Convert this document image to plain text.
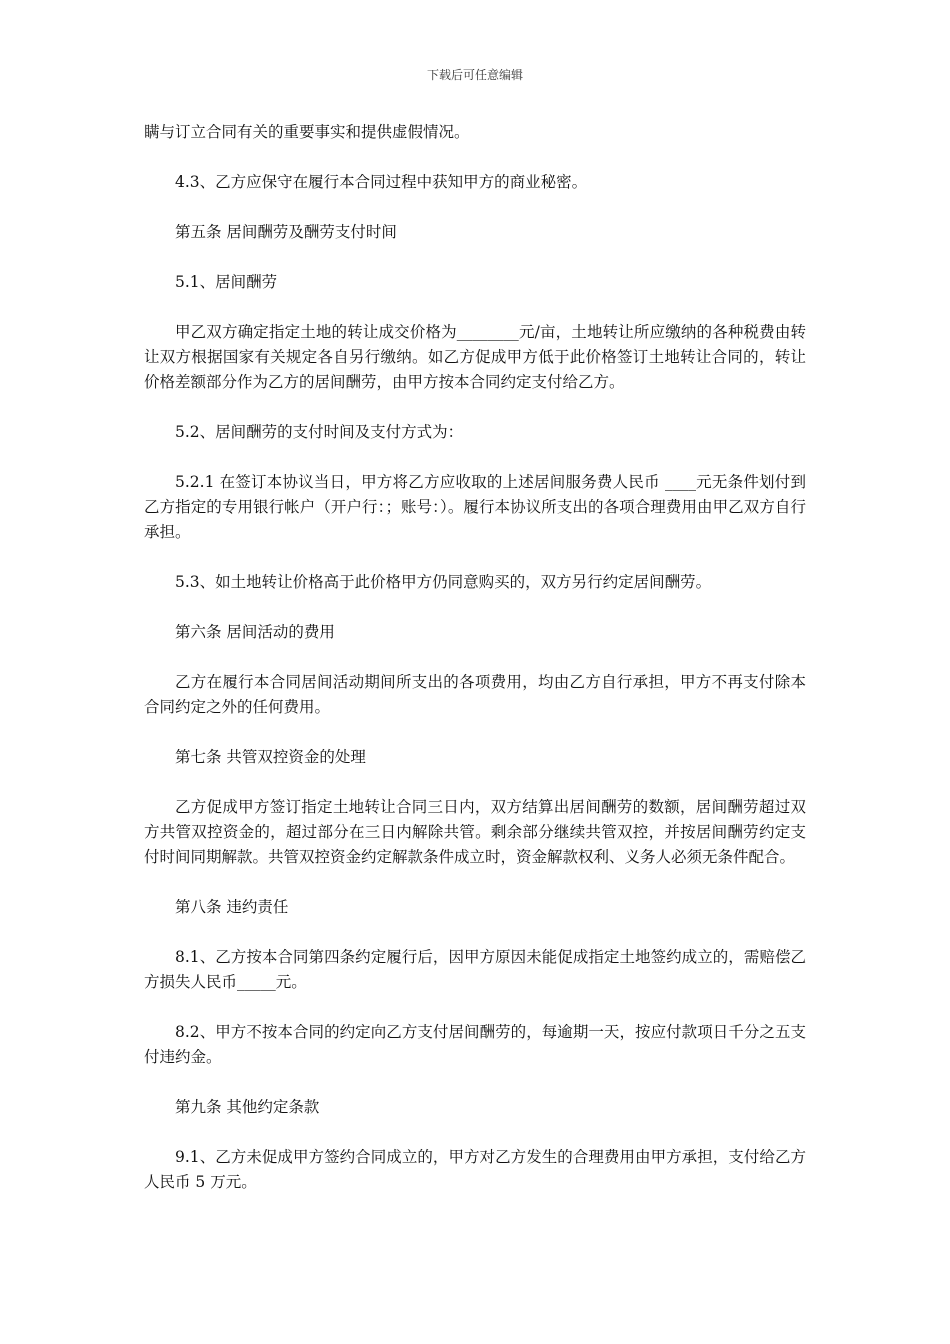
下载后可任意编辑

瞒与订立合同有关的重要事实和提供虚假情况。

4.3、乙方应保守在履行本合同过程中获知甲方的商业秘密。

第五条 居间酬劳及酬劳支付时间

5.1、居间酬劳

甲乙双方确定指定土地的转让成交价格为________元/亩，土地转让所应缴纳的各种税费由转让双方根据国家有关规定各自另行缴纳。如乙方促成甲方低于此价格签订土地转让合同的，转让价格差额部分作为乙方的居间酬劳，由甲方按本合同约定支付给乙方。

5.2、居间酬劳的支付时间及支付方式为：

5.2.1 在签订本协议当日，甲方将乙方应收取的上述居间服务费人民币 ____元无条件划付到乙方指定的专用银行帐户（开户行：；账号：）。履行本协议所支出的各项合理费用由甲乙双方自行承担。

5.3、如土地转让价格高于此价格甲方仍同意购买的，双方另行约定居间酬劳。

第六条 居间活动的费用

乙方在履行本合同居间活动期间所支出的各项费用，均由乙方自行承担，甲方不再支付除本合同约定之外的任何费用。

第七条 共管双控资金的处理

乙方促成甲方签订指定土地转让合同三日内，双方结算出居间酬劳的数额，居间酬劳超过双方共管双控资金的，超过部分在三日内解除共管。剩余部分继续共管双控，并按居间酬劳约定支付时间同期解款。共管双控资金约定解款条件成立时，资金解款权利、义务人必须无条件配合。

第八条 违约责任

8.1、乙方按本合同第四条约定履行后，因甲方原因未能促成指定土地签约成立的，需赔偿乙方损失人民币_____元。

8.2、甲方不按本合同的约定向乙方支付居间酬劳的，每逾期一天，按应付款项日千分之五支付违约金。

第九条 其他约定条款

9.1、乙方未促成甲方签约合同成立的，甲方对乙方发生的合理费用由甲方承担，支付给乙方人民币 5 万元。
